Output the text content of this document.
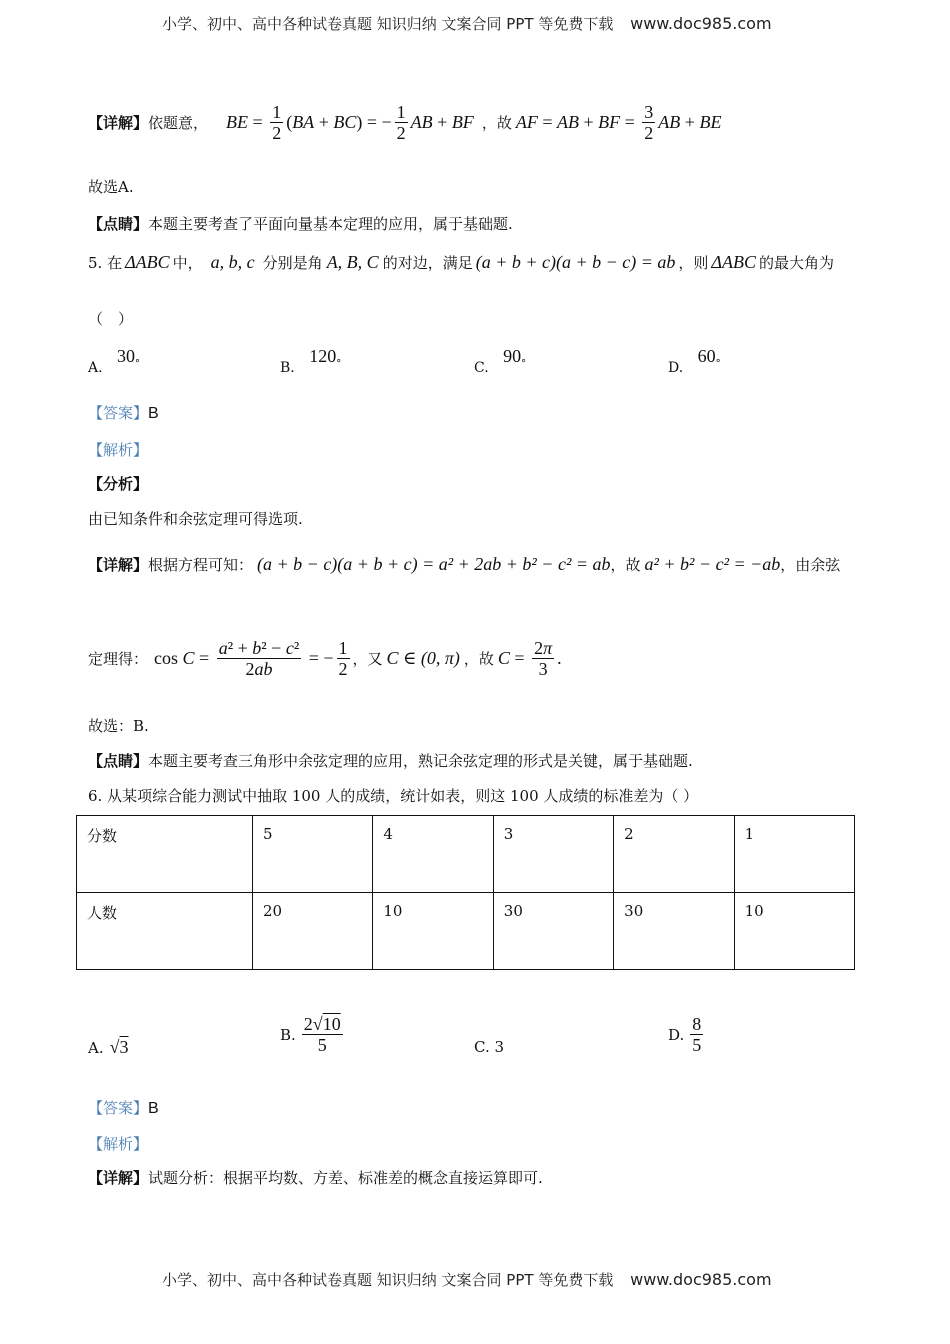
小学、初中、高中各种试卷真题 知识归纳 文案合同 PPT 等免费下载 www.doc985.com
【详解】 依题意， BE = $\frac{1}{2}$ ( BA + BC ) = − $\frac{1}{2}$ AB + BF ，故 AF = AB + BF = $\frac{3}{2}$ AB + BE
故选A.
【点睛】本题主要考查了平面向量基本定理的应用，属于基础题.
5. 在 ΔABC 中， a, b, c 分别是角 A, B, C 的对边，满足 (a + b + c)(a + b − c) = ab ，则 ΔABC 的最大角为
（　）
A. 30°	B. 120°	C. 90°	D. 60°
【答案】B
【解析】
【分析】
由已知条件和余弦定理可得选项.
【详解】 根据方程可知： (a + b − c)(a + b + c) = a² + 2ab + b² − c² = ab ，故 a² + b² − c² = −ab ，由余弦
定理得： $\cos C = \frac{\text{a² + b² − c²}}{2ab}$ = − $\frac{1}{2}$ ，又 C ∈ (0, π) ，故 $C = \frac{2\pi}{3}$ .
故选：B.
【点睛】本题主要考查三角形中余弦定理的应用，熟记余弦定理的形式是关键，属于基础题.
6. 从某项综合能力测试中抽取 100 人的成绩，统计如表，则这 100 人成绩的标准差为（ ）
分数	5	4	3	2	1
人数	20	10	30	30	10
A. √3
B. $\frac{2√10}{5}$	C. 3
D. $\frac{8}{5}$
【答案】B
【解析】
【详解】试题分析：根据平均数、方差、标准差的概念直接运算即可.
小学、初中、高中各种试卷真题 知识归纳 文案合同 PPT 等免费下载 www.doc985.com
